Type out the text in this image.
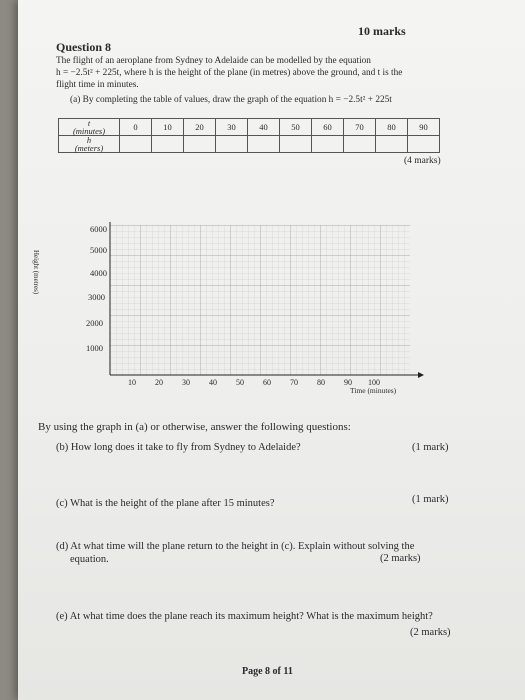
10 marks
Question 8
The flight of an aeroplane from Sydney to Adelaide can be modelled by the equation
h = −2.5t² + 225t, where h is the height of the plane (in metres) above the ground, and t is the
flight time in minutes.
(a) By completing the table of values, draw the graph of the equation h = −2.5t² + 225t
t
(minutes)	0	10	20	30	40	50	60	70	80	90

h
(meters)										

(4 marks)
6000
5000
4000
3000
2000
1000
10 20 30 40 50 60 70 80 90 100
Height (metres)
Time (minutes)
By using the graph in (a) or otherwise, answer the following questions:
(b) How long does it take to fly from Sydney to Adelaide?	(1 mark)
(c) What is the height of the plane after 15 minutes?	(1 mark)
(d) At what time will the plane return to the height in (c). Explain without solving the
equation.	(2 marks)
(e) At what time does the plane reach its maximum height? What is the maximum height?
(2 marks)
Page 8 of 11
